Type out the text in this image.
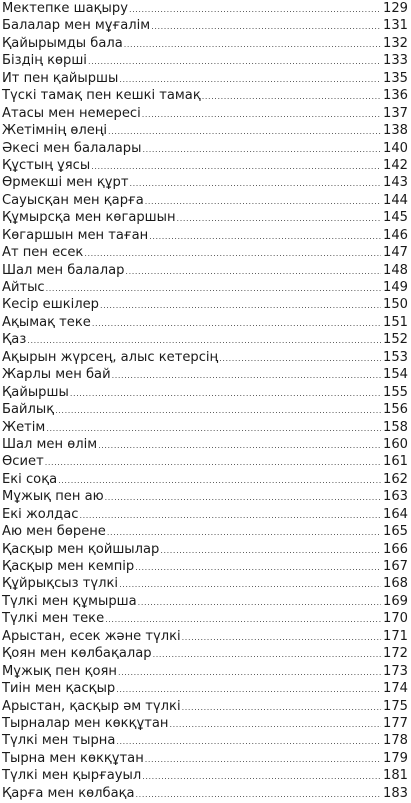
Мектепке шақыру .....	129
Балалар мен мұғалім .....	131
Қайырымды бала .....	132
Біздің көрші .....	133
Ит пен қайыршы .....	135
Түскі тамақ пен кешкі тамақ .....	136
Атасы мен немересі .....	137
Жетімнің өлеңі .....	138
Әкесі мен балалары .....	140
Құстың ұясы .....	142
Өрмекші мен құрт .....	143
Сауысқан мен қарға .....	144
Құмырсқа мен көгаршын .....	145
Көгаршын мен таған .....	146
Ат пен есек .....	147
Шал мен балалар .....	148
Айтыс .....	149
Кесір ешкілер .....	150
Ақымақ теке .....	151
Қаз .....	152
Ақырын жүрсең, алыс кетерсің .....	153
Жарлы мен бай .....	154
Қайыршы .....	155
Байлық .....	156
Жетім .....	158
Шал мен өлім .....	160
Өсиет .....	161
Екі соқа .....	162
Мұжық пен аю .....	163
Екі жолдас .....	164
Аю мен бөрене .....	165
Қасқыр мен қойшылар .....	166
Қасқыр мен кемпір .....	167
Құйрықсыз түлкі .....	168
Түлкі мен құмырша .....	169
Түлкі мен теке .....	170
Арыстан, есек және түлкі .....	171
Қоян мен көлбақалар .....	172
Мұжық пен қоян .....	173
Тиін мен қасқыр .....	174
Арыстан, қасқыр әм түлкі .....	175
Тырналар мен көкқұтан .....	177
Түлкі мен тырна .....	178
Тырна мен көкқұтан .....	179
Түлкі мен қырғауыл .....	181
Қарға мен көлбақа .....	183
